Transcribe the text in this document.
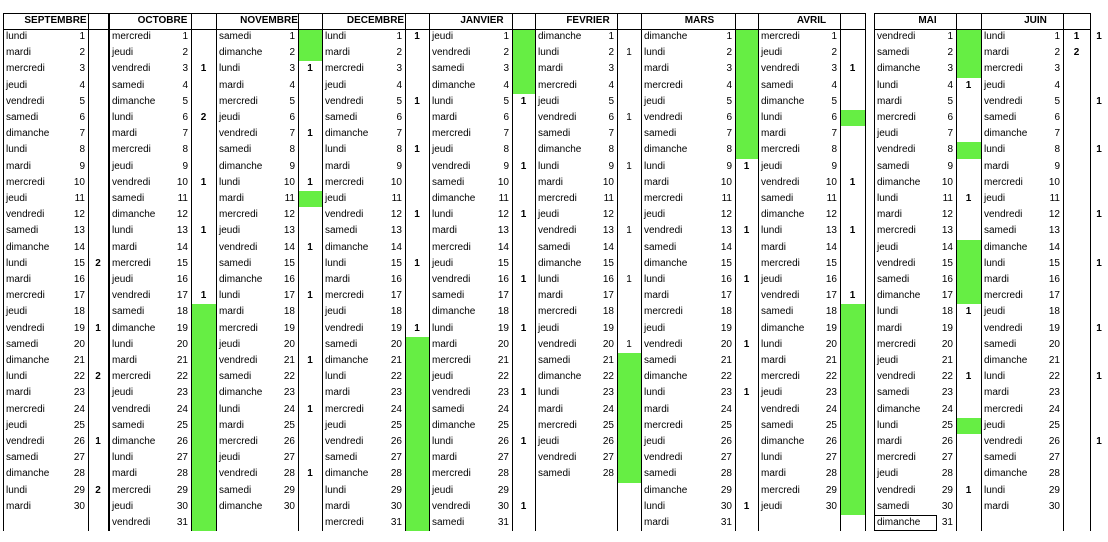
SEPTEMBRE
lundi	1
mardi	2
mercredi	3
jeudi	4
vendredi	5
samedi	6
dimanche	7
lundi	8
mardi	9
mercredi	10
jeudi	11
vendredi	12
samedi	13
dimanche	14
lundi	15	2
mardi	16
mercredi	17
jeudi	18
vendredi	19	1
samedi	20
dimanche	21
lundi	22	2
mardi	23
mercredi	24
jeudi	25
vendredi	26	1
samedi	27
dimanche	28
lundi	29	2
mardi	30
OCTOBRE
mercredi	1
jeudi	2
vendredi	3	1
samedi	4
dimanche	5
lundi	6	2
mardi	7
mercredi	8
jeudi	9
vendredi	10	1
samedi	11
dimanche	12
lundi	13	1
mardi	14
mercredi	15
jeudi	16
vendredi	17	1
samedi	18
dimanche	19
lundi	20
mardi	21
mercredi	22
jeudi	23
vendredi	24
samedi	25
dimanche	26
lundi	27
mardi	28
mercredi	29
jeudi	30
vendredi	31
NOVEMBRE
samedi	1
dimanche	2
lundi	3	1
mardi	4
mercredi	5
jeudi	6
vendredi	7	1
samedi	8
dimanche	9
lundi	10	1
mardi	11
mercredi	12
jeudi	13
vendredi	14	1
samedi	15
dimanche	16
lundi	17	1
mardi	18
mercredi	19
jeudi	20
vendredi	21	1
samedi	22
dimanche	23
lundi	24	1
mardi	25
mercredi	26
jeudi	27
vendredi	28	1
samedi	29
dimanche	30
DECEMBRE
lundi	1	1
mardi	2
mercredi	3
jeudi	4
vendredi	5	1
samedi	6
dimanche	7
lundi	8	1
mardi	9
mercredi	10
jeudi	11
vendredi	12	1
samedi	13
dimanche	14
lundi	15	1
mardi	16
mercredi	17
jeudi	18
vendredi	19	1
samedi	20
dimanche	21
lundi	22
mardi	23
mercredi	24
jeudi	25
vendredi	26
samedi	27
dimanche	28
lundi	29
mardi	30
mercredi	31
JANVIER
jeudi	1
vendredi	2
samedi	3
dimanche	4
lundi	5	1
mardi	6
mercredi	7
jeudi	8
vendredi	9	1
samedi	10
dimanche	11
lundi	12	1
mardi	13
mercredi	14
jeudi	15
vendredi	16	1
samedi	17
dimanche	18
lundi	19	1
mardi	20
mercredi	21
jeudi	22
vendredi	23	1
samedi	24
dimanche	25
lundi	26	1
mardi	27
mercredi	28
jeudi	29
vendredi	30	1
samedi	31
FEVRIER
dimanche	1
lundi	2	1
mardi	3
mercredi	4
jeudi	5
vendredi	6	1
samedi	7
dimanche	8
lundi	9	1
mardi	10
mercredi	11
jeudi	12
vendredi	13	1
samedi	14
dimanche	15
lundi	16	1
mardi	17
mercredi	18
jeudi	19
vendredi	20	1
samedi	21
dimanche	22
lundi	23
mardi	24
mercredi	25
jeudi	26
vendredi	27
samedi	28
MARS
dimanche	1
lundi	2
mardi	3
mercredi	4
jeudi	5
vendredi	6
samedi	7
dimanche	8
lundi	9	1
mardi	10
mercredi	11
jeudi	12
vendredi	13	1
samedi	14
dimanche	15
lundi	16	1
mardi	17
mercredi	18
jeudi	19
vendredi	20	1
samedi	21
dimanche	22
lundi	23	1
mardi	24
mercredi	25
jeudi	26
vendredi	27
samedi	28
dimanche	29
lundi	30	1
mardi	31
AVRIL
mercredi	1
jeudi	2
vendredi	3	1
samedi	4
dimanche	5
lundi	6
mardi	7
mercredi	8
jeudi	9
vendredi	10	1
samedi	11
dimanche	12
lundi	13	1
mardi	14
mercredi	15
jeudi	16
vendredi	17	1
samedi	18
dimanche	19
lundi	20
mardi	21
mercredi	22
jeudi	23
vendredi	24
samedi	25
dimanche	26
lundi	27
mardi	28
mercredi	29
jeudi	30
MAI
vendredi	1
samedi	2
dimanche	3
lundi	4	1
mardi	5
mercredi	6
jeudi	7
vendredi	8
samedi	9
dimanche	10
lundi	11	1
mardi	12
mercredi	13
jeudi	14
vendredi	15
samedi	16
dimanche	17
lundi	18	1
mardi	19
mercredi	20
jeudi	21
vendredi	22	1
samedi	23
dimanche	24
lundi	25
mardi	26
mercredi	27
jeudi	28
vendredi	29	1
samedi	30
dimanche	31
JUIN
lundi	1	1	1
mardi	2	2
mercredi	3
jeudi	4
vendredi	5	1
samedi	6
dimanche	7
lundi	8	1
mardi	9
mercredi	10
jeudi	11
vendredi	12	1
samedi	13
dimanche	14
lundi	15	1
mardi	16
mercredi	17
jeudi	18
vendredi	19	1
samedi	20
dimanche	21
lundi	22	1
mardi	23
mercredi	24
jeudi	25
vendredi	26	1
samedi	27
dimanche	28
lundi	29
mardi	30
